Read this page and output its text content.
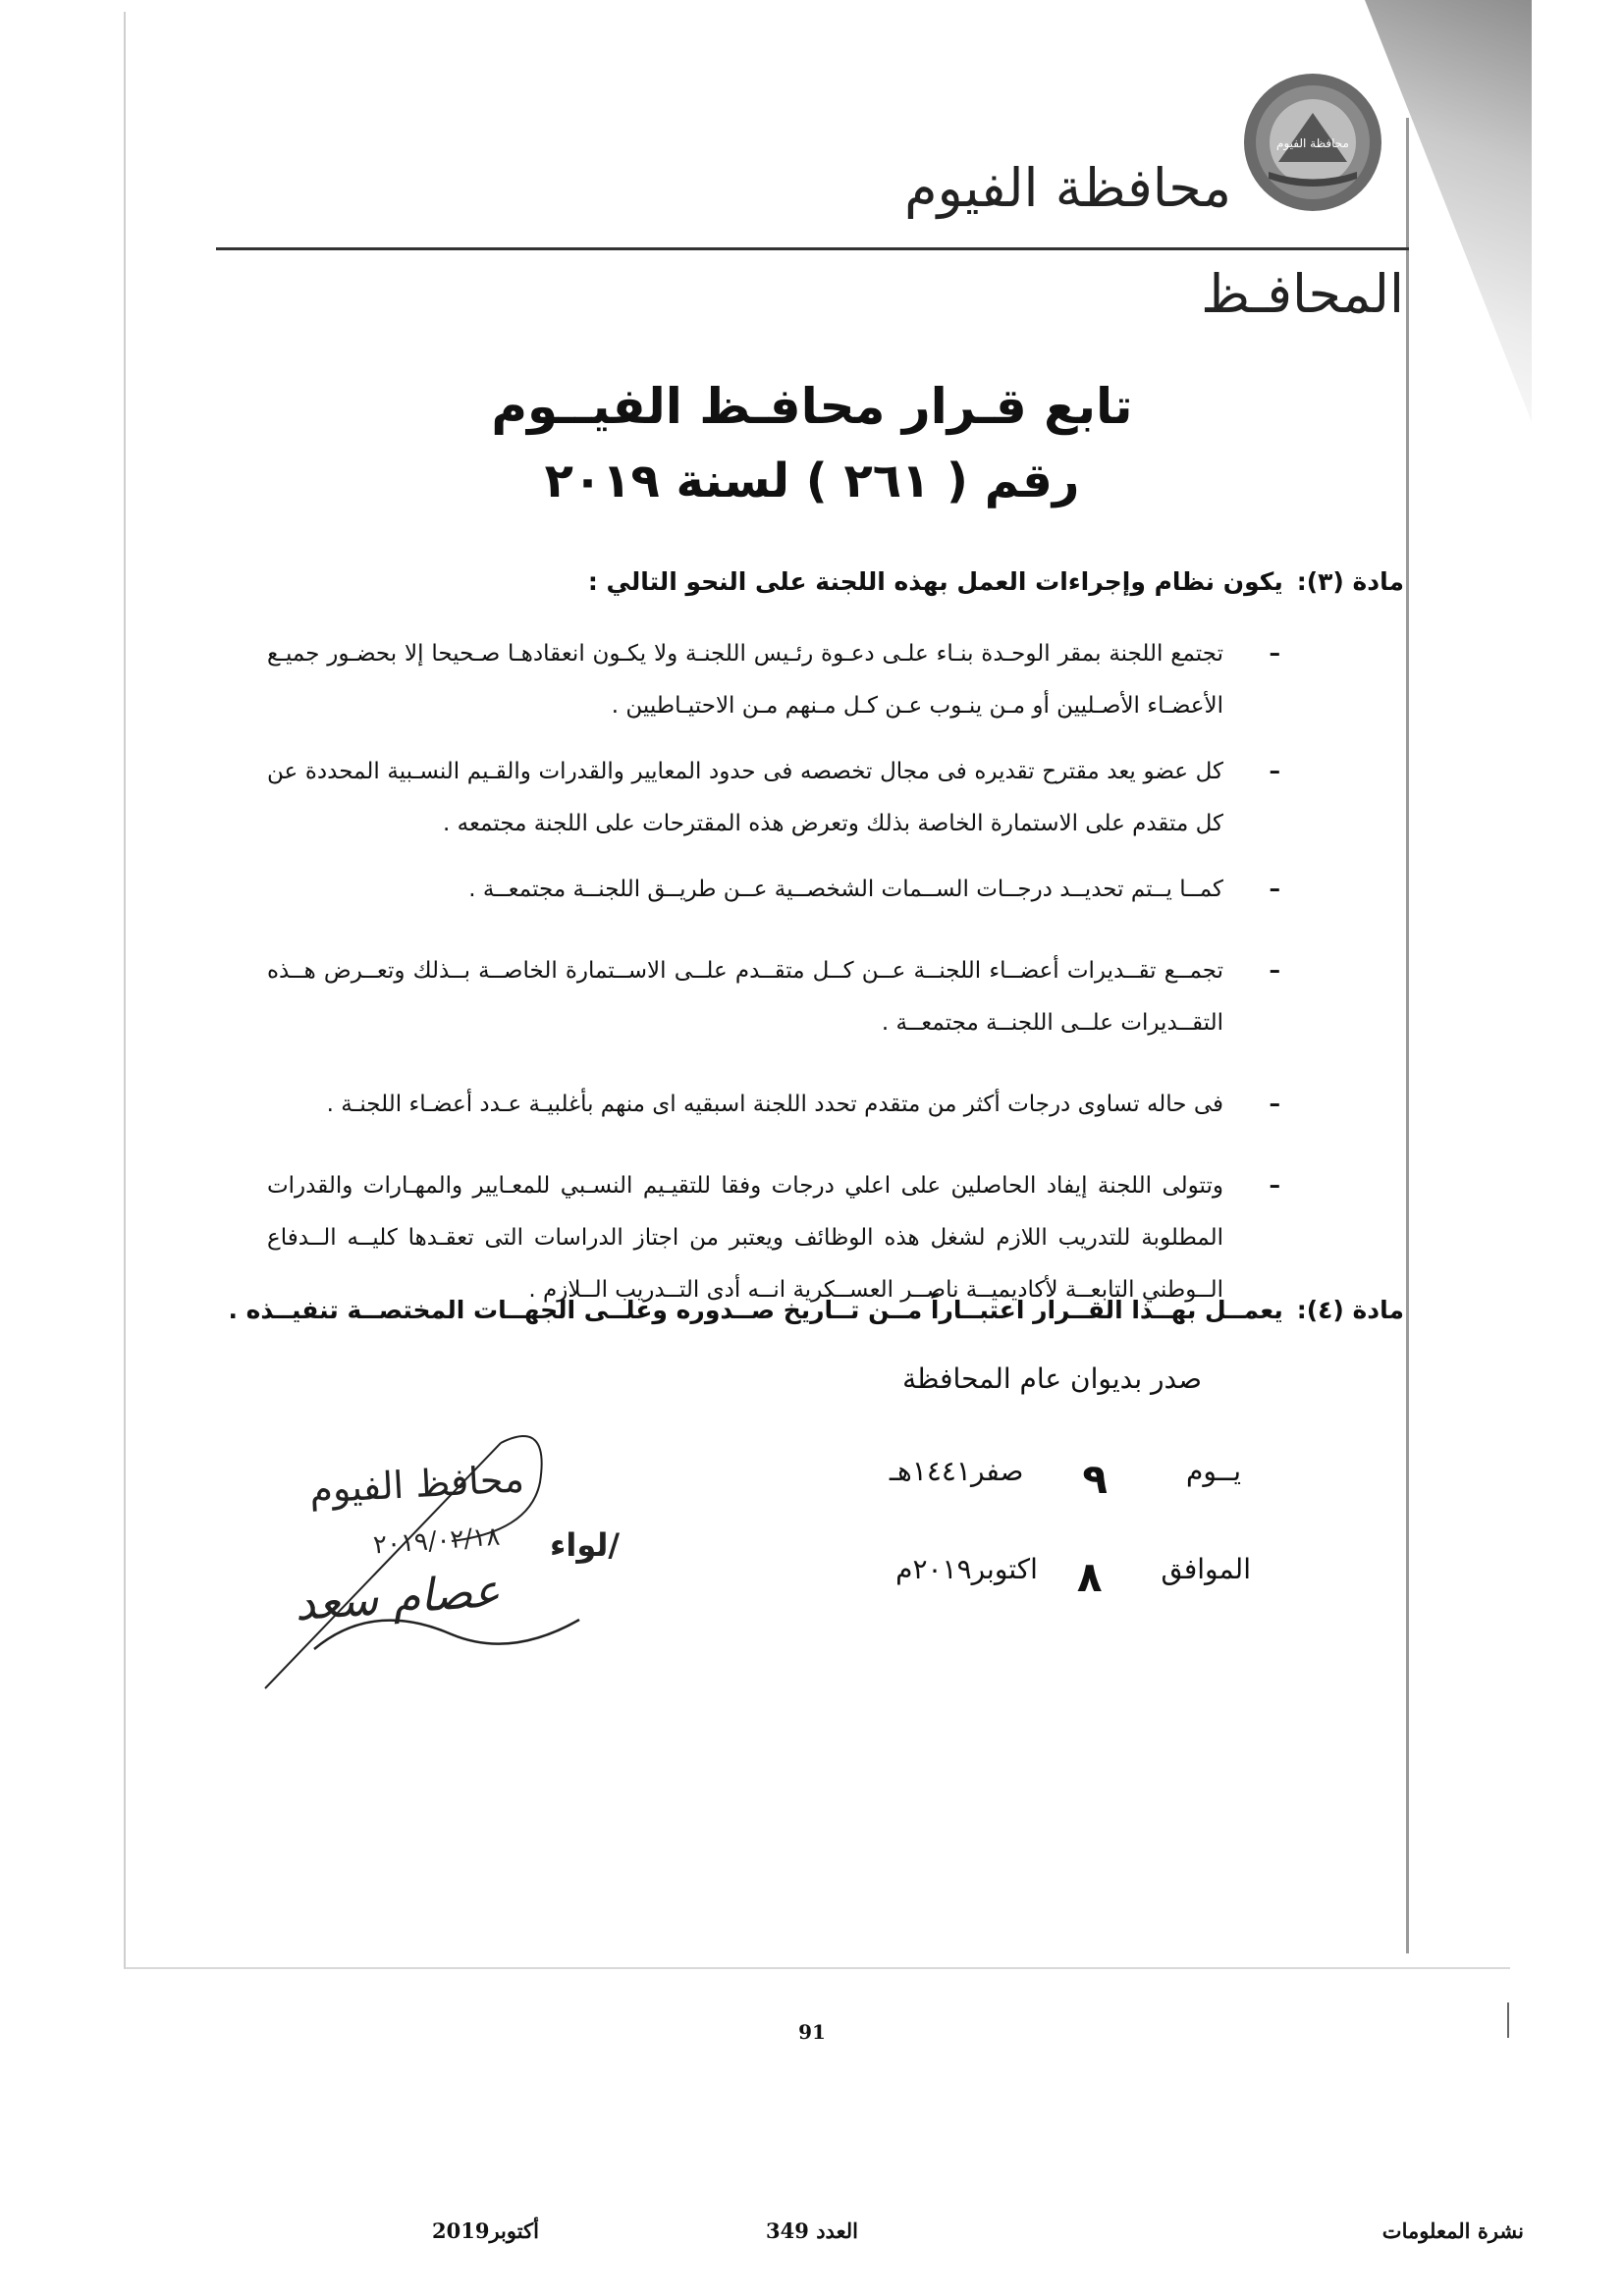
محافظة الفيوم
محافظة الفيوم
المحافـظ
تابع قـرار محافـظ الفيــوم
رقم ( ٢٦١ ) لسنة ٢٠١٩
مادة (٣):يكون نظام وإجراءات العمل بهذه اللجنة على النحو التالي :
– تجتمع اللجنة بمقر الوحـدة بنـاء علـى دعـوة رئـيس اللجنـة ولا يكـون انعقادهـا صـحيحا إلا بحضـور جميـع الأعضـاء الأصـليين أو مـن ينـوب عـن كـل مـنهم مـن الاحتيـاطيين .
– كل عضو يعد مقترح تقديره فى مجال تخصصه فى حدود المعايير والقدرات والقـيم النسـبية المحددة عن كل متقدم على الاستمارة الخاصة بذلك وتعرض هذه المقترحات على اللجنة مجتمعه .
– كمــا يــتم تحديــد درجــات الســمات الشخصــية عــن طريــق اللجنــة مجتمعــة .
– تجمــع تقــديرات أعضــاء اللجنــة عــن كــل متقــدم علــى الاســتمارة الخاصــة بــذلك وتعــرض هــذه التقــديرات علــى اللجنــة مجتمعــة .
– فى حاله تساوى درجات أكثر من متقدم تحدد اللجنة اسبقيه اى منهم بأغلبيـة عـدد أعضـاء اللجنـة .
– وتتولى اللجنة إيفاد الحاصلين على اعلي درجات وفقا للتقيـيم النسـبي للمعـايير والمهـارات والقدرات المطلوبة للتدريب اللازم لشغل هذه الوظائف ويعتبر من اجتاز الدراسات التى تعقـدها كليــه الــدفاع الــوطني التابعــة لأكاديميــة ناصــر العســكرية انــه أدى التــدريب الــلازم .
مادة (٤):يعمــل بهــذا القــرار اعتبــاراً مــن تــاريخ صــدوره وعلــى الجهــات المختصــة تنفيــذه .
صدر بديوان عام المحافظة
يــوم
٩
صفر١٤٤١هـ
الموافق
٨
اكتوبر٢٠١٩م
محافظ الفيوم
لواء/
٢٠١٩/٠٢/١٨
عصام سعد
91
نشرة المعلومات
العدد 349
أكتوبر2019
